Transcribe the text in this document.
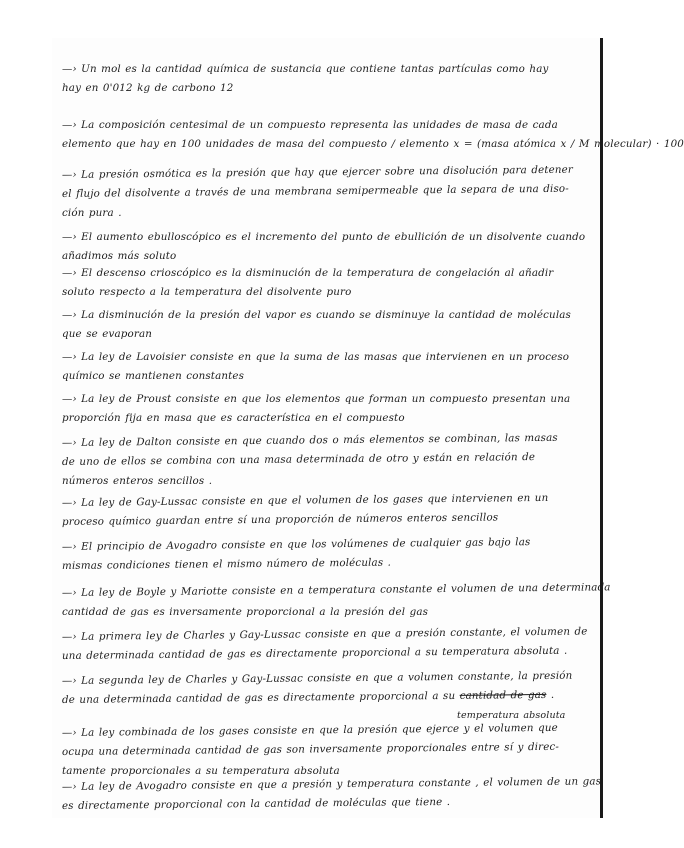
—› Un mol es la cantidad química de sustancia que contiene tantas partículas como hay
hay en 0'012 kg de carbono 12
—› La composición centesimal de un compuesto representa las unidades de masa de cada
elemento que hay en 100 unidades de masa del compuesto / elemento x = (masa atómica x / M molecular) · 100
—› La presión osmótica es la presión que hay que ejercer sobre una disolución para detener
el flujo del disolvente a través de una membrana semipermeable que la separa de una diso-
ción pura .
—› El aumento ebulloscópico es el incremento del punto de ebullición de un disolvente cuando
añadimos más soluto
—› El descenso crioscópico es la disminución de la temperatura de congelación al añadir
soluto respecto a la temperatura del disolvente puro
—› La disminución de la presión del vapor es cuando se disminuye la cantidad de moléculas
que se evaporan
—› La ley de Lavoisier consiste en que la suma de las masas que intervienen en un proceso
químico se mantienen constantes
—› La ley de Proust consiste en que los elementos que forman un compuesto presentan una
proporción fija en masa que es característica en el compuesto
—› La ley de Dalton consiste en que cuando dos o más elementos se combinan, las masas
de uno de ellos se combina con una masa determinada de otro y están en relación de
números enteros sencillos .
—› La ley de Gay-Lussac consiste en que el volumen de los gases que intervienen en un
proceso químico guardan entre sí una proporción de números enteros sencillos
—› El principio de Avogadro consiste en que los volúmenes de cualquier gas bajo las
mismas condiciones tienen el mismo número de moléculas .
—› La ley de Boyle y Mariotte consiste en a temperatura constante el volumen de una determinada
cantidad de gas es inversamente proporcional a la presión del gas
—› La primera ley de Charles y Gay-Lussac consiste en que a presión constante, el volumen de
una determinada cantidad de gas es directamente proporcional a su temperatura absoluta .
—› La segunda ley de Charles y Gay-Lussac consiste en que a volumen constante, la presión
de una determinada cantidad de gas es directamente proporcional a su cantidad de gas .
temperatura absoluta
—› La ley combinada de los gases consiste en que la presión que ejerce y el volumen que
ocupa una determinada cantidad de gas son inversamente proporcionales entre sí y direc-
tamente proporcionales a su temperatura absoluta
—› La ley de Avogadro consiste en que a presión y temperatura constante , el volumen de un gas
es directamente proporcional con la cantidad de moléculas que tiene .
